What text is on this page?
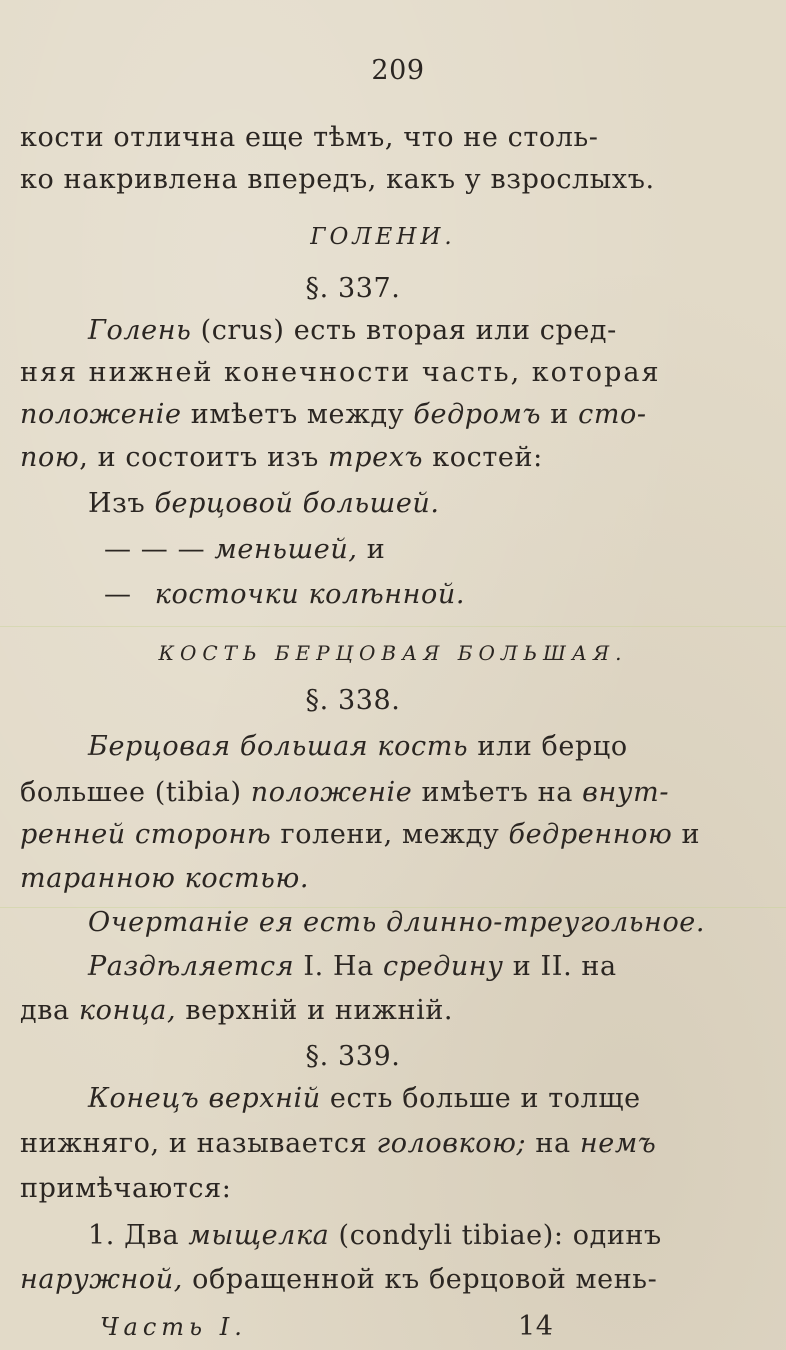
209
кости отлична еще тѣмъ, что не столь-
ко накривлена впередъ, какъ у взрослыхъ.
ГОЛЕНИ.
§. 337.
Голень (crus) есть вторая или сред-
няя нижней конечности часть, которая
положеніе имѣетъ между бедромъ и сто-
пою, и состоитъ изъ трехъ костей:
Изъ берцовой большей.
— — — меньшей, и
— косточки колѣнной.
КОСТЬ БЕРЦОВАЯ БОЛЬШАЯ.
§. 338.
Берцовая большая кость или берцо
большее (tibia) положеніе имѣетъ на внут-
ренней сторонѣ голени, между бедренною и
таранною костью.
Очертаніе ея есть длинно-треугольное.
Раздѣляется I. На средину и II. на
два конца, верхній и нижній.
§. 339.
Конецъ верхній есть больше и толще
нижняго, и называется головкою; на немъ
примѣчаются:
1. Два мыщелка (condyli tibiae): одинъ
наружной, обращенной къ берцовой мень-
Часть I.	14
